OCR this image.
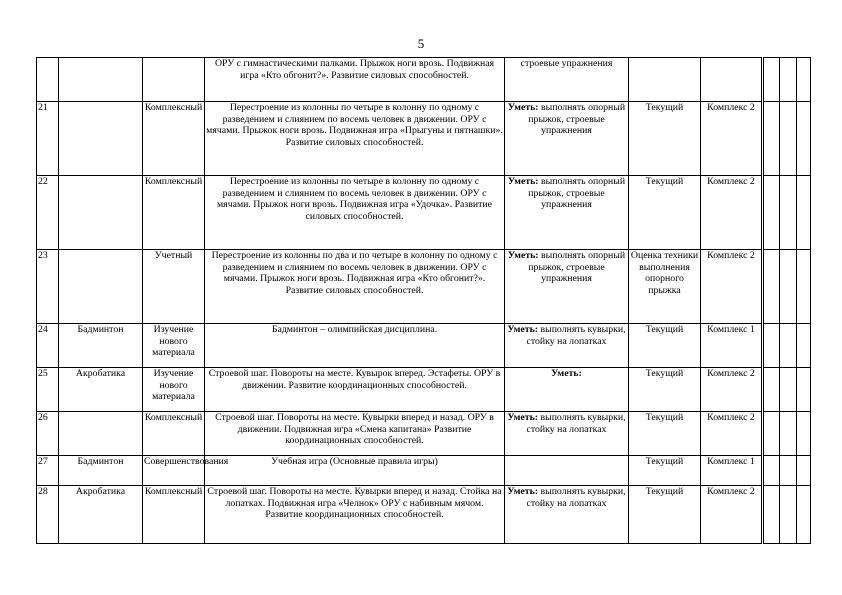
5
			ОРУ с гимнастическими палками. Прыжок ноги врозь. Подвижная игра «Кто обгонит?». Развитие силовых способностей.	строевые упражнения					
21		Комплексный	Перестроение из колонны по четыре в колонну по одному с разведением и слиянием по восемь человек в движении. ОРУ с мячами. Прыжок ноги врозь. Подвижная игра «Прыгуны и пятнашки». Развитие силовых способностей.	Уметь: выполнять опорный прыжок, строевые упражнения	Текущий	Комплекс 2			
22		Комплексный	Перестроение из колонны по четыре в колонну по одному с разведением и слиянием по восемь человек в движении. ОРУ с мячами. Прыжок ноги врозь. Подвижная игра «Удочка». Развитие силовых способностей.	Уметь: выполнять опорный прыжок, строевые упражнения	Текущий	Комплекс 2			
23		Учетный	Перестроение из колонны по два и по четыре в колонну по одному с разведением и слиянием по восемь человек в движении. ОРУ с мячами. Прыжок ноги врозь. Подвижная игра «Кто обгонит?». Развитие силовых способностей.	Уметь: выполнять опорный прыжок, строевые упражнения	Оценка техники выполнения опорного прыжка	Комплекс 2			
24	Бадминтон	Изучение нового материала	Бадминтон – олимпийская дисциплина.	Уметь: выполнять кувырки, стойку на лопатках	Текущий	Комплекс 1			
25	Акробатика	Изучение нового материала	Строевой шаг. Повороты на месте. Кувырок вперед. Эстафеты. ОРУ в движении. Развитие координационных способностей.	Уметь:	Текущий	Комплекс 2			
26		Комплексный	Строевой шаг. Повороты на месте. Кувырки вперед и назад. ОРУ в движении. Подвижная игра «Смена капитана» Развитие координационных способностей.	Уметь: выполнять кувырки, стойку на лопатках	Текущий	Комплекс 2			
27	Бадминтон	Совершенствования	Учебная игра (Основные правила игры)		Текущий	Комплекс 1			
28	Акробатика	Комплексный	Строевой шаг. Повороты на месте. Кувырки вперед и назад. Стойка на лопатках. Подвижная игра «Челнок» ОРУ с набивным мячом. Развитие координационных способностей.	Уметь: выполнять кувырки, стойку на лопатках	Текущий	Комплекс 2			
